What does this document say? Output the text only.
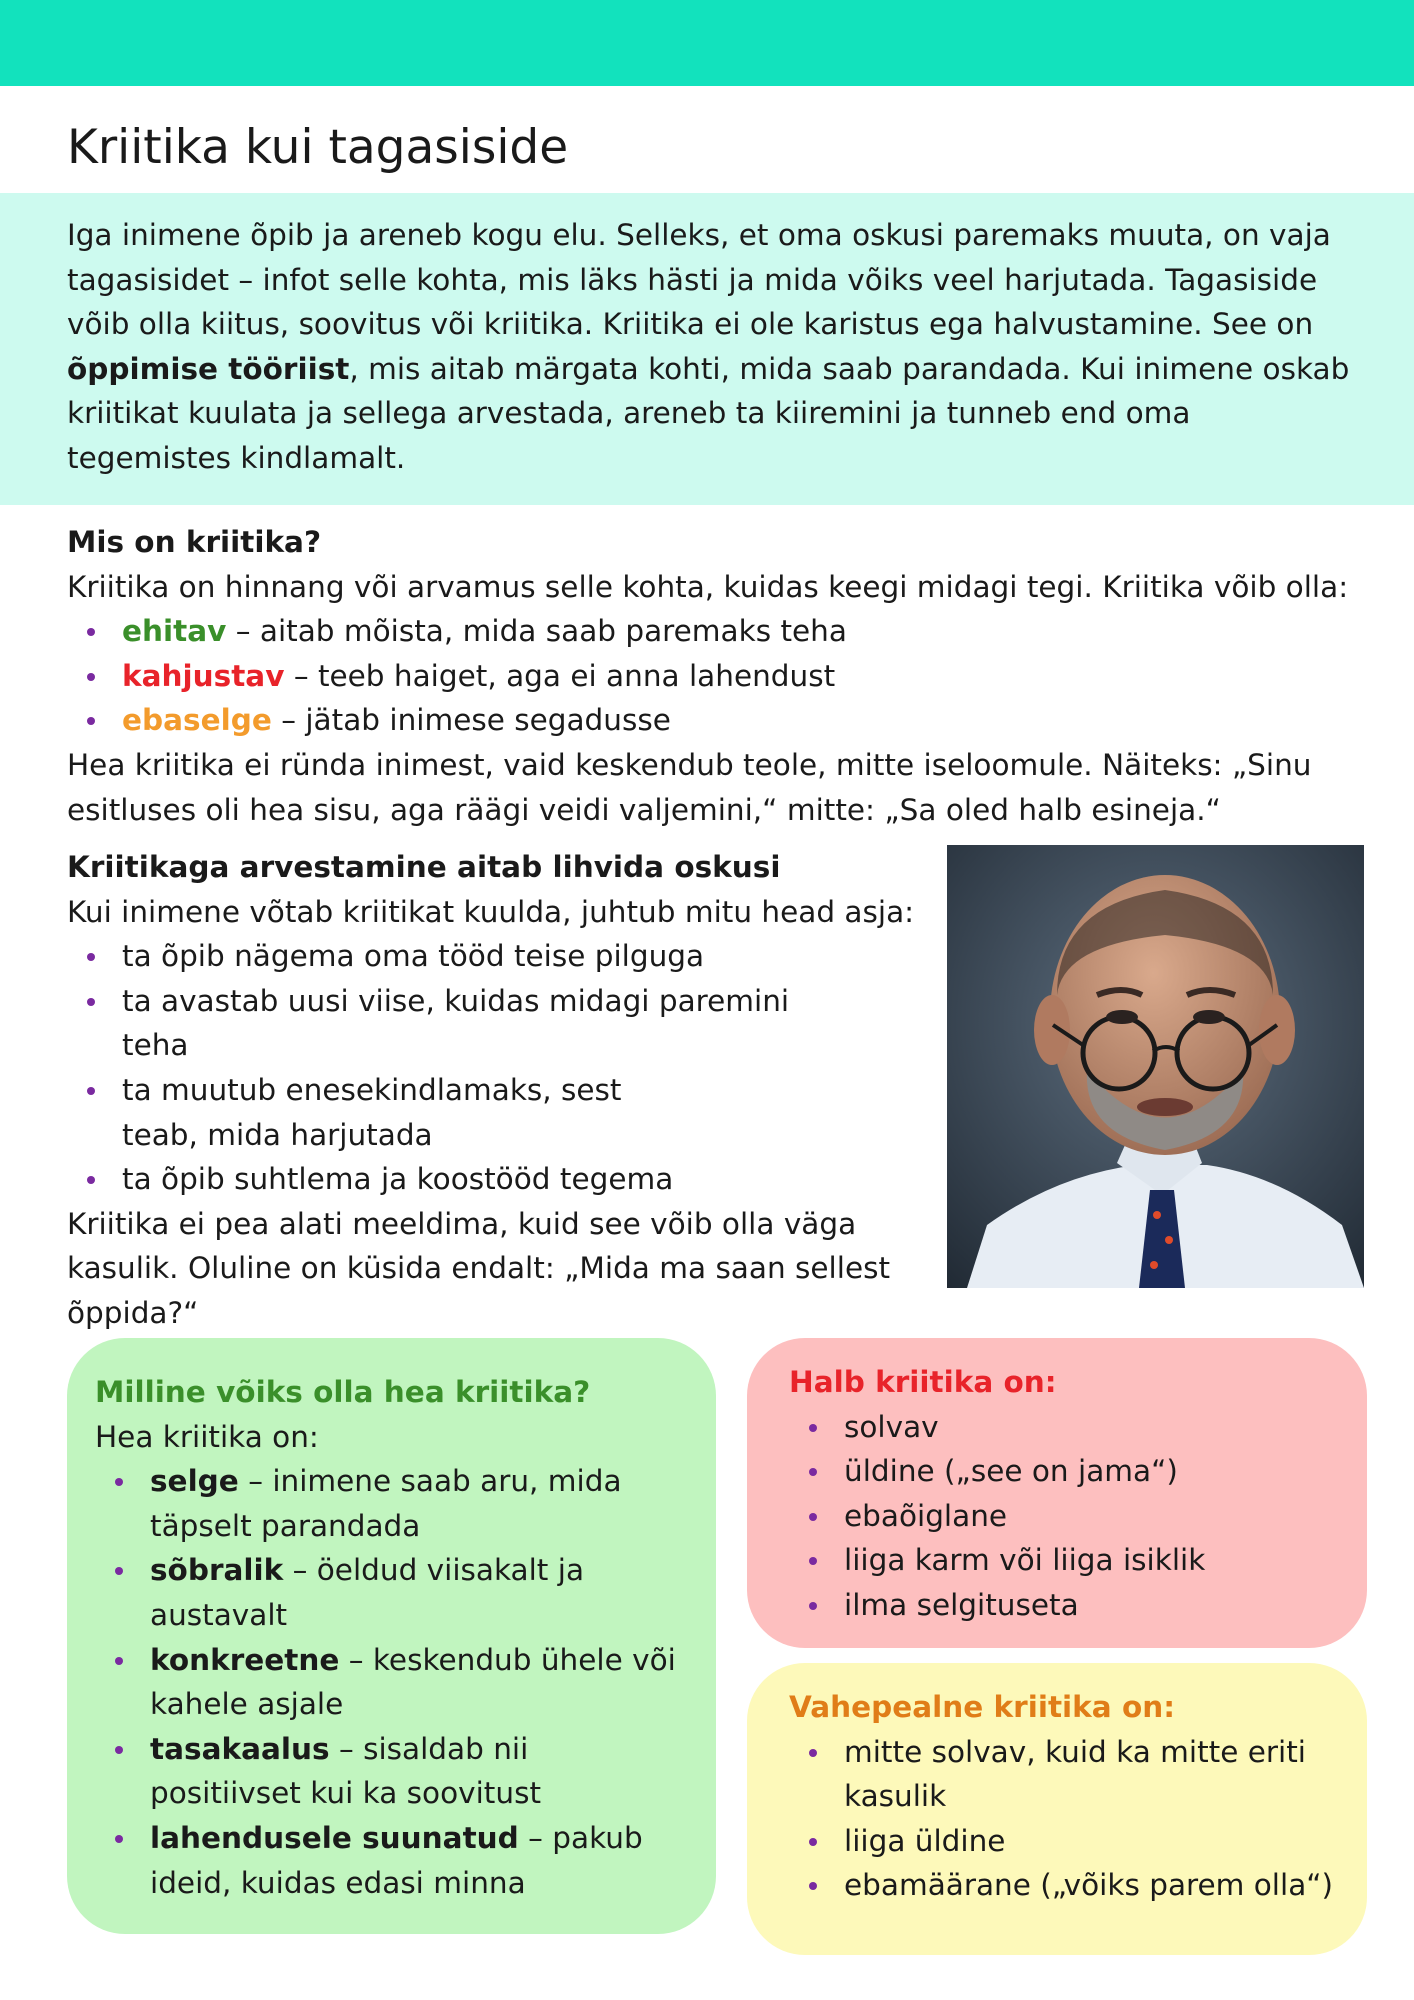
Kriitika kui tagasiside

Iga inimene õpib ja areneb kogu elu. Selleks, et oma oskusi paremaks muuta, on vaja tagasisidet – infot selle kohta, mis läks hästi ja mida võiks veel harjutada. Tagasiside võib olla kiitus, soovitus või kriitika. Kriitika ei ole karistus ega halvustamine. See on õppimise tööriist, mis aitab märgata kohti, mida saab parandada. Kui inimene oskab kriitikat kuulata ja sellega arvestada, areneb ta kiiremini ja tunneb end oma tegemistes kindlamalt.

Mis on kriitika?

Kriitika on hinnang või arvamus selle kohta, kuidas keegi midagi tegi. Kriitika võib olla:

ehitav – aitab mõista, mida saab paremaks teha
kahjustav – teeb haiget, aga ei anna lahendust
ebaselge – jätab inimese segadusse

Hea kriitika ei ründa inimest, vaid keskendub teole, mitte iseloomule. Näiteks: „Sinu esitluses oli hea sisu, aga räägi veidi valjemini,“ mitte: „Sa oled halb esineja.“

Kriitikaga arvestamine aitab lihvida oskusi

Kui inimene võtab kriitikat kuulda, juhtub mitu head asja:

ta õpib nägema oma tööd teise pilguga
ta avastab uusi viise, kuidas midagi paremini teha
ta muutub enesekindlamaks, sest teab, mida harjutada
ta õpib suhtlema ja koostööd tegema

Kriitika ei pea alati meeldima, kuid see võib olla väga kasulik. Oluline on küsida endalt: „Mida ma saan sellest õppida?“

Milline võiks olla hea kriitika?

Hea kriitika on:

selge – inimene saab aru, mida täpselt parandada
sõbralik – öeldud viisakalt ja austavalt
konkreetne – keskendub ühele või kahele asjale
tasakaalus – sisaldab nii positiivset kui ka soovitust
lahendusele suunatud – pakub ideid, kuidas edasi minna

Halb kriitika on:

solvav
üldine („see on jama“)
ebaõiglane
liiga karm või liiga isiklik
ilma selgituseta

Vahepealne kriitika on:

mitte solvav, kuid ka mitte eriti kasulik
liiga üldine
ebamäärane („võiks parem olla“)
